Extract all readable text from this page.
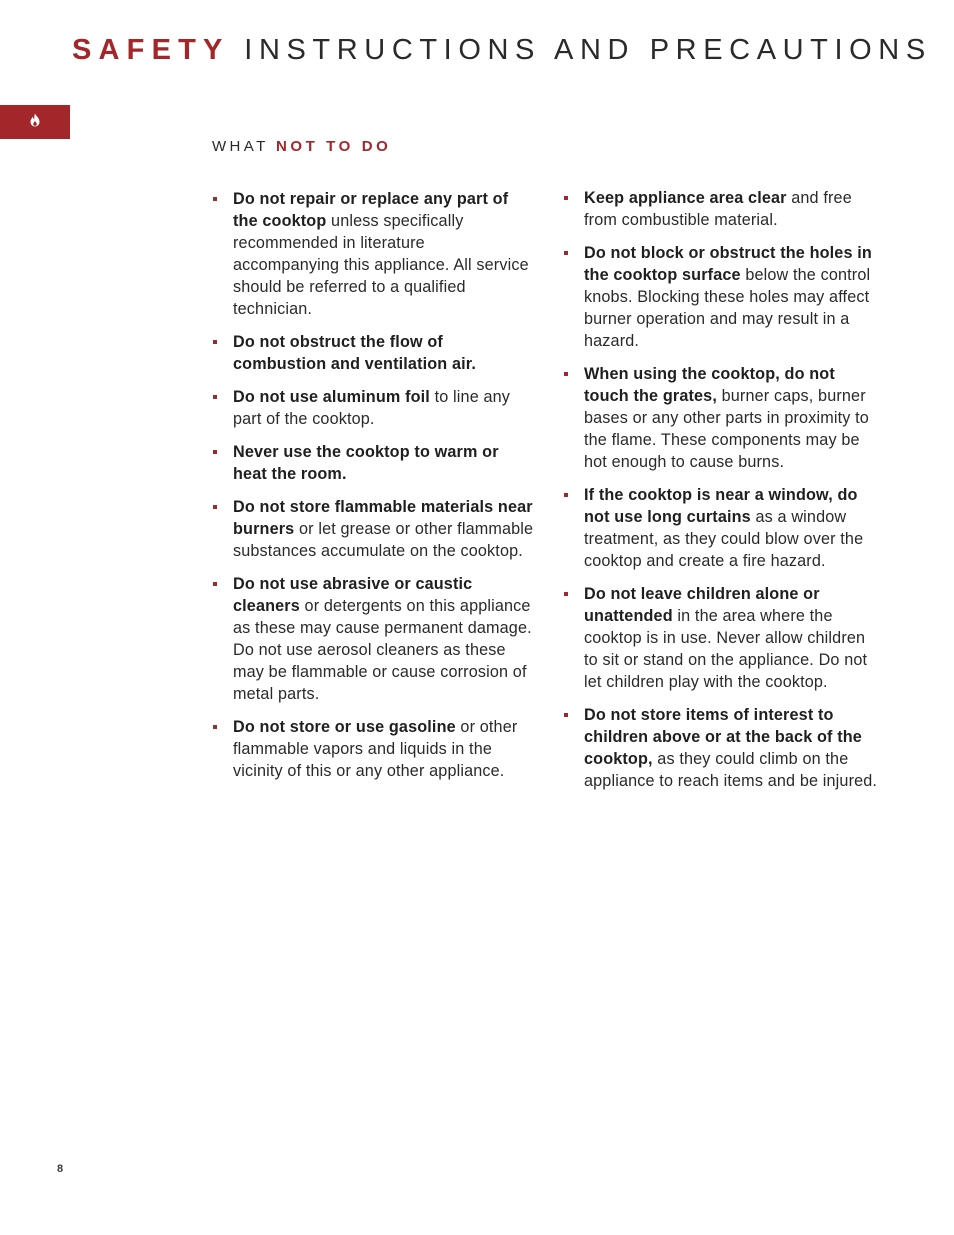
SAFETY INSTRUCTIONS AND PRECAUTIONS
WHAT NOT TO DO
Do not repair or replace any part of the cooktop unless specifically recommended in literature accompanying this appliance. All service should be referred to a qualified technician.
Do not obstruct the flow of combustion and ventilation air.
Do not use aluminum foil to line any part of the cooktop.
Never use the cooktop to warm or heat the room.
Do not store flammable materials near burners or let grease or other flammable substances accumulate on the cooktop.
Do not use abrasive or caustic cleaners or detergents on this appliance as these may cause permanent damage. Do not use aerosol cleaners as these may be flammable or cause corrosion of metal parts.
Do not store or use gasoline or other flammable vapors and liquids in the vicinity of this or any other appliance.
Keep appliance area clear and free from combustible material.
Do not block or obstruct the holes in the cooktop surface below the control knobs. Blocking these holes may affect burner operation and may result in a hazard.
When using the cooktop, do not touch the grates, burner caps, burner bases or any other parts in proximity to the flame. These components may be hot enough to cause burns.
If the cooktop is near a window, do not use long curtains as a window treatment, as they could blow over the cooktop and create a fire hazard.
Do not leave children alone or unattended in the area where the cooktop is in use. Never allow children to sit or stand on the appliance. Do not let children play with the cooktop.
Do not store items of interest to children above or at the back of the cooktop, as they could climb on the appliance to reach items and be injured.
8
